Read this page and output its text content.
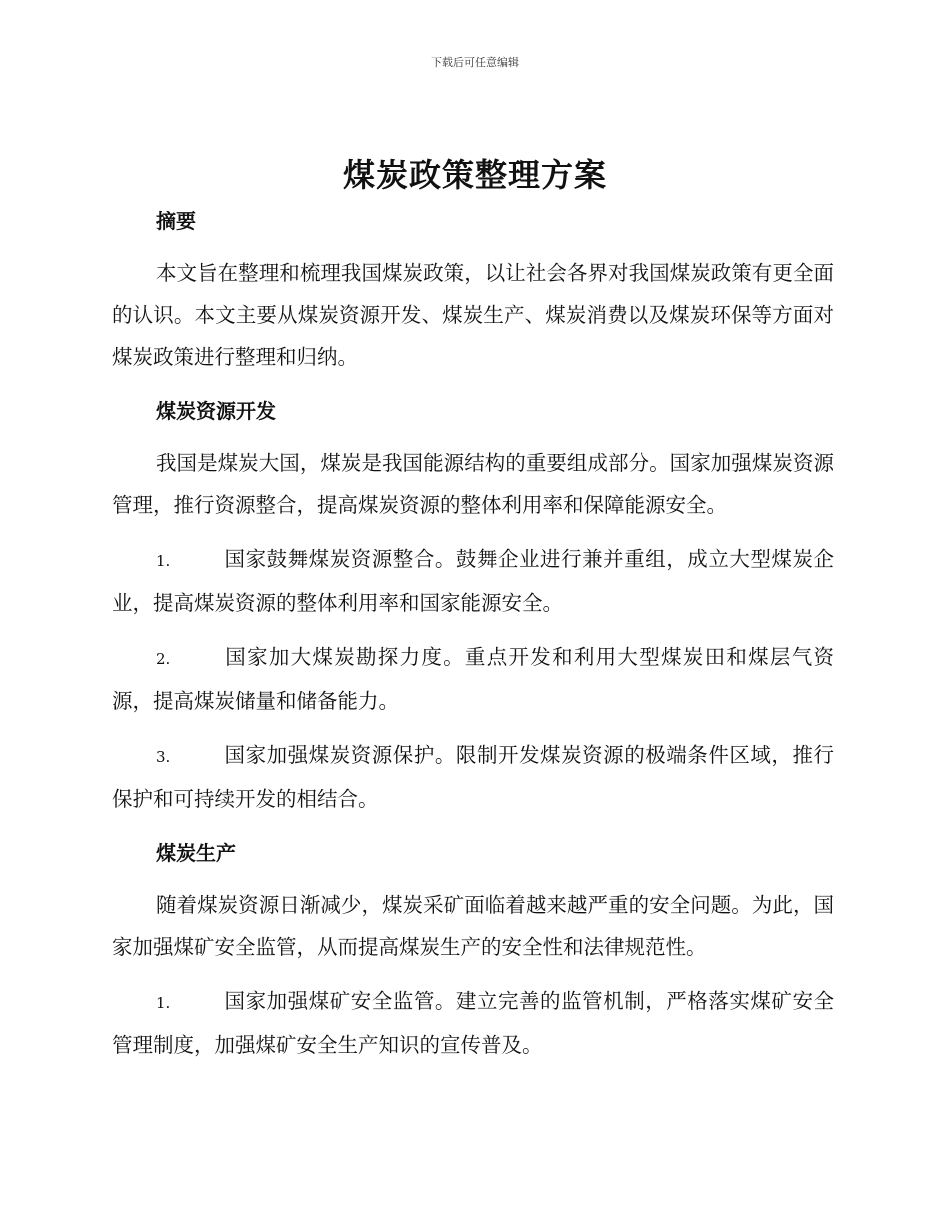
下载后可任意编辑
煤炭政策整理方案
摘要

本文旨在整理和梳理我国煤炭政策，以让社会各界对我国煤炭政策有更全面的认识。本文主要从煤炭资源开发、煤炭生产、煤炭消费以及煤炭环保等方面对煤炭政策进行整理和归纳。

煤炭资源开发

我国是煤炭大国，煤炭是我国能源结构的重要组成部分。国家加强煤炭资源管理，推行资源整合，提高煤炭资源的整体利用率和保障能源安全。

1.	国家鼓舞煤炭资源整合。鼓舞企业进行兼并重组，成立大型煤炭企业，提高煤炭资源的整体利用率和国家能源安全。

2.	国家加大煤炭勘探力度。重点开发和利用大型煤炭田和煤层气资源，提高煤炭储量和储备能力。

3.	国家加强煤炭资源保护。限制开发煤炭资源的极端条件区域，推行保护和可持续开发的相结合。

煤炭生产

随着煤炭资源日渐减少，煤炭采矿面临着越来越严重的安全问题。为此，国家加强煤矿安全监管，从而提高煤炭生产的安全性和法律规范性。

1.	国家加强煤矿安全监管。建立完善的监管机制，严格落实煤矿安全管理制度，加强煤矿安全生产知识的宣传普及。
